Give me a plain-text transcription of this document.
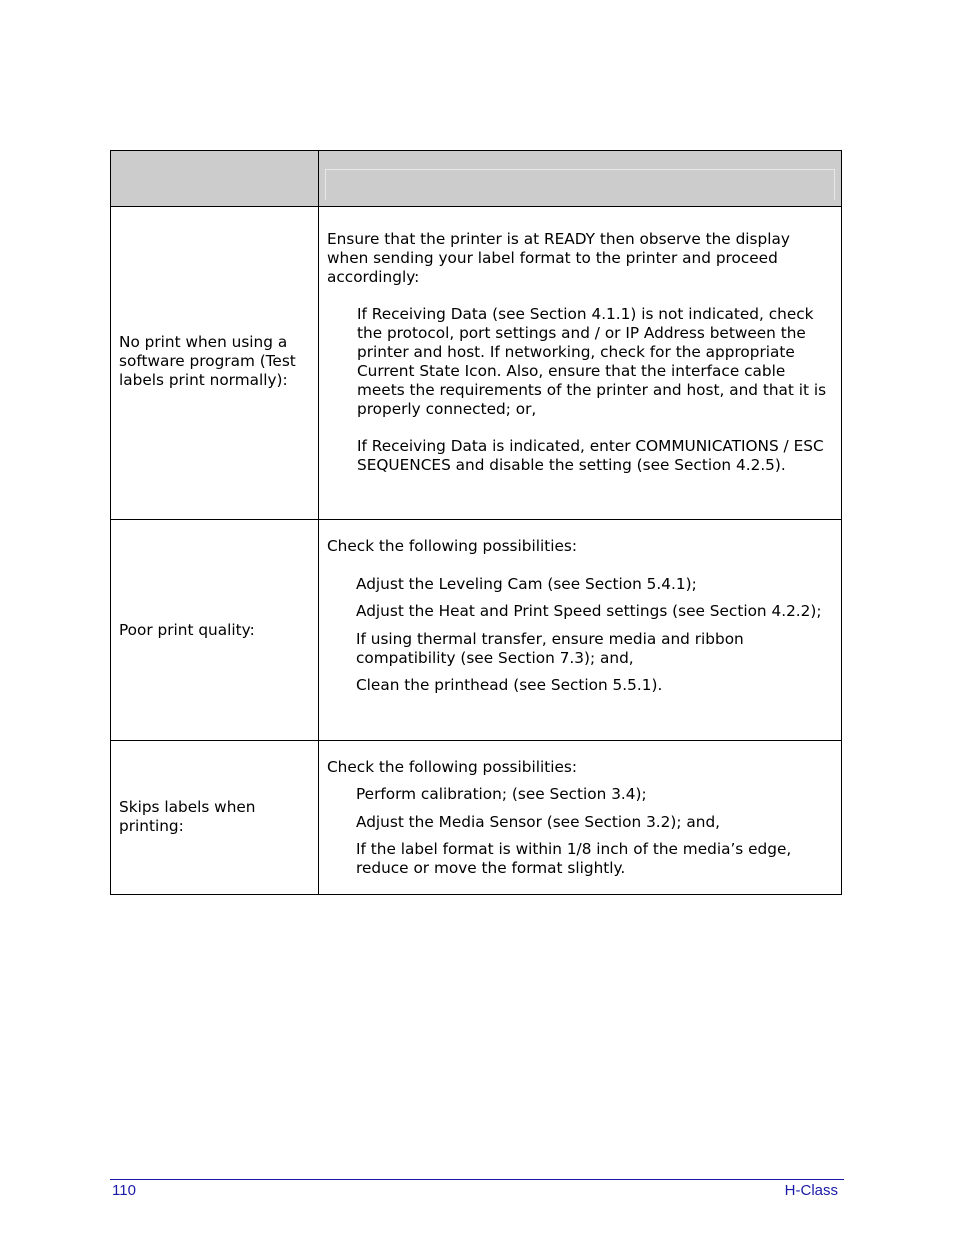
No print when using a software program (Test labels print normally):

Ensure that the printer is at READY then observe the display when sending your label format to the printer and proceed accordingly:

If Receiving Data (see Section 4.1.1) is not indicated, check the protocol, port settings and / or IP Address between the printer and host. If networking, check for the appropriate Current State Icon. Also, ensure that the interface cable meets the requirements of the printer and host, and that it is properly connected; or,

If Receiving Data is indicated, enter COMMUNICATIONS / ESC SEQUENCES and disable the setting (see Section 4.2.5).

Poor print quality:

Check the following possibilities:

Adjust the Leveling Cam (see Section 5.4.1);

Adjust the Heat and Print Speed settings (see Section 4.2.2);

If using thermal transfer, ensure media and ribbon compatibility (see Section 7.3); and,

Clean the printhead (see Section 5.5.1).

Skips labels when printing:

Check the following possibilities:

Perform calibration; (see Section 3.4);

Adjust the Media Sensor (see Section 3.2); and,

If the label format is within 1/8 inch of the media’s edge, reduce or move the format slightly.

110	H-Class
